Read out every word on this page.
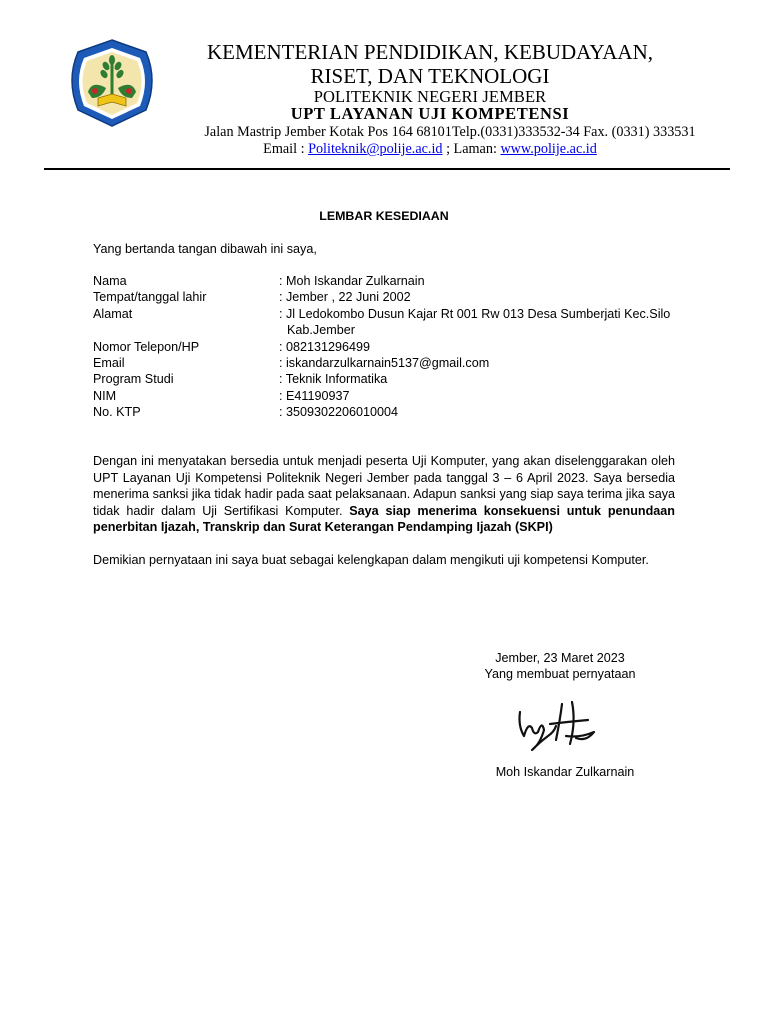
KEMENTERIAN PENDIDIKAN, KEBUDAYAAN,
RISET, DAN TEKNOLOGI
POLITEKNIK NEGERI JEMBER
UPT LAYANAN UJI KOMPETENSI
Jalan Mastrip Jember Kotak Pos 164 68101Telp.(0331)333532-34 Fax. (0331) 333531
Email : Politeknik@polije.ac.id ; Laman: www.polije.ac.id
LEMBAR KESEDIAAN
Yang bertanda tangan dibawah ini saya,
Nama	: Moh Iskandar Zulkarnain
Tempat/tanggal lahir	: Jember , 22 Juni 2002
Alamat	: Jl Ledokombo Dusun Kajar Rt 001 Rw 013 Desa Sumberjati Kec.Silo Kab.Jember
Nomor Telepon/HP	: 082131296499
Email	: iskandarzulkarnain5137@gmail.com
Program Studi	: Teknik Informatika
NIM	: E41190937
No. KTP	: 3509302206010004
Dengan ini menyatakan bersedia untuk menjadi peserta Uji Komputer, yang akan diselenggarakan oleh UPT Layanan Uji Kompetensi Politeknik Negeri Jember pada tanggal 3 – 6 April 2023. Saya bersedia menerima sanksi jika tidak hadir pada saat pelaksanaan. Adapun sanksi yang siap saya terima jika saya tidak hadir dalam Uji Sertifikasi Komputer. Saya siap menerima konsekuensi untuk penundaan penerbitan Ijazah, Transkrip dan Surat Keterangan Pendamping Ijazah (SKPI)
Demikian pernyataan ini saya buat sebagai kelengkapan dalam mengikuti uji kompetensi Komputer.
Jember, 23 Maret 2023
Yang membuat pernyataan
Moh Iskandar Zulkarnain
